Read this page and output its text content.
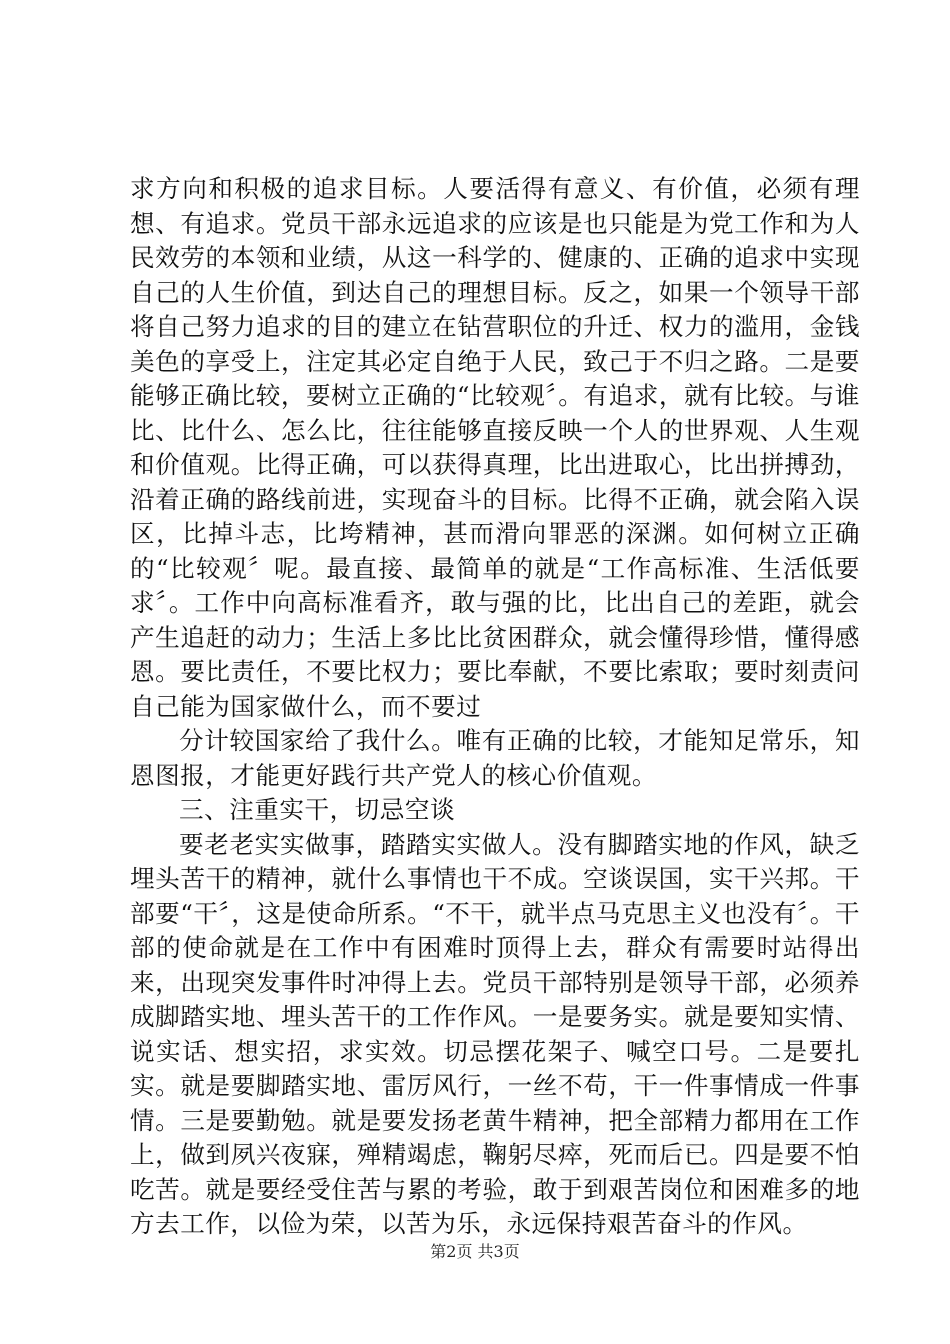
求方向和积极的追求目标。人要活得有意义、有价值，必须有理想、有追求。党员干部永远追求的应该是也只能是为党工作和为人民效劳的本领和业绩，从这一科学的、健康的、正确的追求中实现自己的人生价值，到达自己的理想目标。反之，如果一个领导干部将自己努力追求的目的建立在钻营职位的升迁、权力的滥用，金钱美色的享受上，注定其必定自绝于人民，致己于不归之路。二是要能够正确比较，要树立正确的“比较观〞。有追求，就有比较。与谁比、比什么、怎么比，往往能够直接反映一个人的世界观、人生观和价值观。比得正确，可以获得真理，比出进取心，比出拼搏劲，沿着正确的路线前进，实现奋斗的目标。比得不正确，就会陷入误区，比掉斗志，比垮精神，甚而滑向罪恶的深渊。如何树立正确的“比较观〞呢。最直接、最简单的就是“工作高标准、生活低要求〞。工作中向高标准看齐，敢与强的比，比出自己的差距，就会产生追赶的动力；生活上多比比贫困群众，就会懂得珍惜，懂得感恩。要比责任，不要比权力；要比奉献，不要比索取；要时刻责问自己能为国家做什么，而不要过

分计较国家给了我什么。唯有正确的比较，才能知足常乐，知恩图报，才能更好践行共产党人的核心价值观。

三、注重实干，切忌空谈

要老老实实做事，踏踏实实做人。没有脚踏实地的作风，缺乏埋头苦干的精神，就什么事情也干不成。空谈误国，实干兴邦。干部要“干〞，这是使命所系。“不干，就半点马克思主义也没有〞。干部的使命就是在工作中有困难时顶得上去，群众有需要时站得出来，出现突发事件时冲得上去。党员干部特别是领导干部，必须养成脚踏实地、埋头苦干的工作作风。一是要务实。就是要知实情、说实话、想实招，求实效。切忌摆花架子、喊空口号。二是要扎实。就是要脚踏实地、雷厉风行，一丝不苟，干一件事情成一件事情。三是要勤勉。就是要发扬老黄牛精神，把全部精力都用在工作上，做到夙兴夜寐，殚精竭虑，鞠躬尽瘁，死而后已。四是要不怕吃苦。就是要经受住苦与累的考验，敢于到艰苦岗位和困难多的地方去工作，以俭为荣，以苦为乐，永远保持艰苦奋斗的作风。

第2页 共3页
